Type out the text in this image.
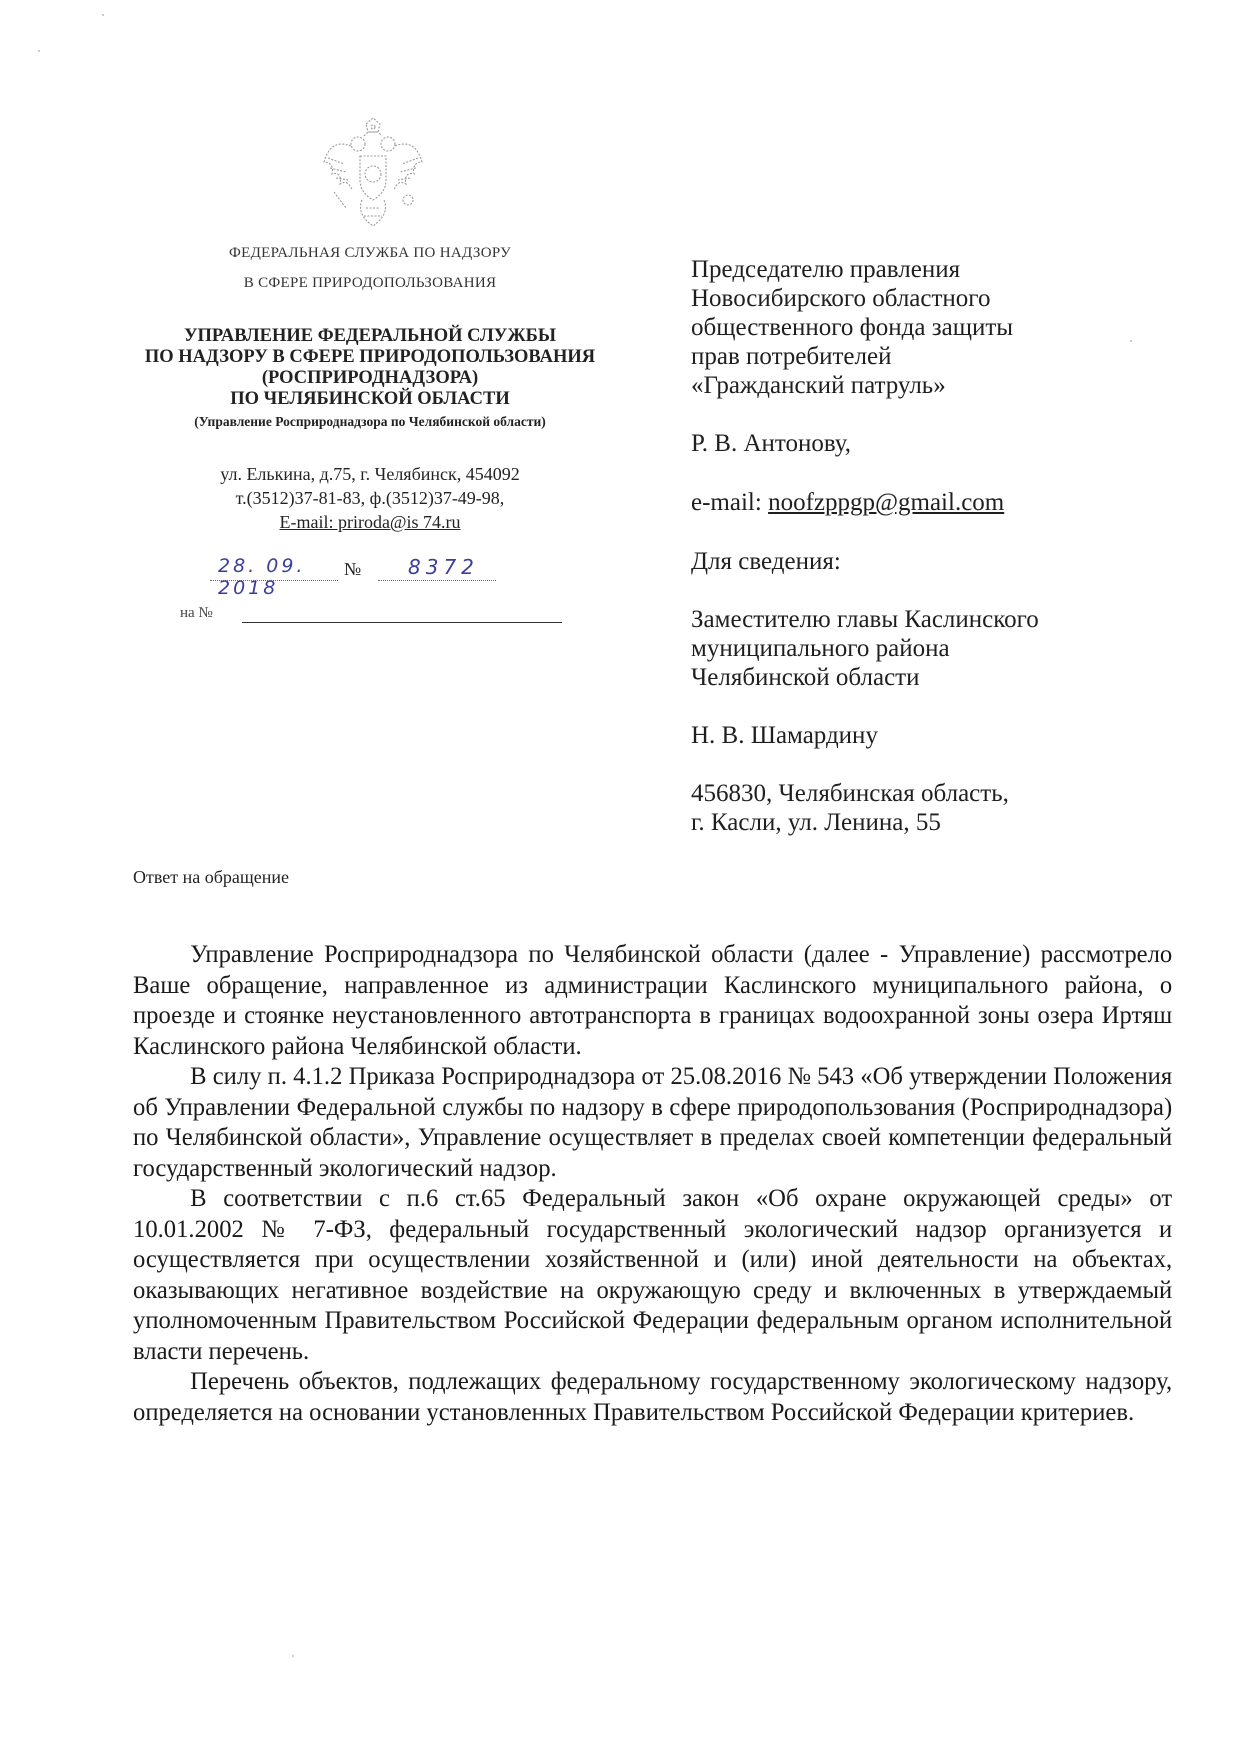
ФЕДЕРАЛЬНАЯ СЛУЖБА ПО НАДЗОРУ
В СФЕРЕ ПРИРОДОПОЛЬЗОВАНИЯ
УПРАВЛЕНИЕ ФЕДЕРАЛЬНОЙ СЛУЖБЫ
ПО НАДЗОРУ В СФЕРЕ ПРИРОДОПОЛЬЗОВАНИЯ
(РОСПРИРОДНАДЗОРА)
ПО ЧЕЛЯБИНСКОЙ ОБЛАСТИ
(Управление Росприроднадзора по Челябинской области)
ул. Елькина, д.75, г. Челябинск, 454092
т.(3512)37-81-83, ф.(3512)37-49-98,
E-mail: priroda@is 74.ru
28. 09. 2018
№	8372
на №
Председателю правления
Новосибирского областного
общественного фонда защиты
прав потребителей
«Гражданский патруль»
Р. В. Антонову,
e-mail: noofzppgp@gmail.com
Для сведения:
Заместителю главы Каслинского
муниципального района
Челябинской области
Н. В. Шамардину
456830, Челябинская область,
г. Касли, ул. Ленина, 55
Ответ на обращение

Управление Росприроднадзора по Челябинской области (далее - Управление) рассмотрело Ваше обращение, направленное из администрации Каслинского муниципального района, о проезде и стоянке неустановленного автотранспорта в границах водоохранной зоны озера Иртяш Каслинского района Челябинской области.

В силу п. 4.1.2 Приказа Росприроднадзора от 25.08.2016 № 543 «Об утверждении Положения об Управлении Федеральной службы по надзору в сфере природопользования (Росприроднадзора) по Челябинской области», Управление осуществляет в пределах своей компетенции федеральный государственный экологический надзор.

В соответствии с п.6 ст.65 Федеральный закон «Об охране окружающей среды» от 10.01.2002 № 7-ФЗ, федеральный государственный экологический надзор организуется и осуществляется при осуществлении хозяйственной и (или) иной деятельности на объектах, оказывающих негативное воздействие на окружающую среду и включенных в утверждаемый уполномоченным Правительством Российской Федерации федеральным органом исполнительной власти перечень.

Перечень объектов, подлежащих федеральному государственному экологическому надзору, определяется на основании установленных Правительством Российской Федерации критериев.
